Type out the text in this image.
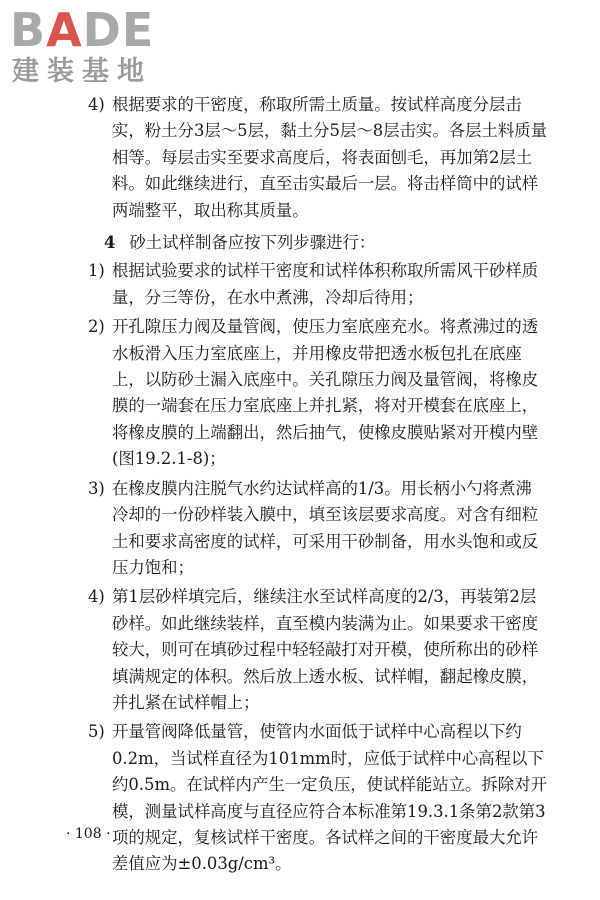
BADE
建装基地

4) 根据要求的干密度，称取所需土质量。按试样高度分层击实，粉土分3层～5层，黏土分5层～8层击实。各层土料质量相等。每层击实至要求高度后，将表面刨毛，再加第2层土料。如此继续进行，直至击实最后一层。将击样筒中的试样两端整平，取出称其质量。

4 砂土试样制备应按下列步骤进行：

1) 根据试验要求的试样干密度和试样体积称取所需风干砂样质量，分三等份，在水中煮沸，冷却后待用；

2) 开孔隙压力阀及量管阀，使压力室底座充水。将煮沸过的透水板滑入压力室底座上，并用橡皮带把透水板包扎在底座上，以防砂土漏入底座中。关孔隙压力阀及量管阀，将橡皮膜的一端套在压力室底座上并扎紧，将对开模套在底座上，将橡皮膜的上端翻出，然后抽气，使橡皮膜贴紧对开模内壁(图19.2.1-8)；

3) 在橡皮膜内注脱气水约达试样高的1/3。用长柄小勺将煮沸冷却的一份砂样装入膜中，填至该层要求高度。对含有细粒土和要求高密度的试样，可采用干砂制备，用水头饱和或反压力饱和；

4) 第1层砂样填完后，继续注水至试样高度的2/3，再装第2层砂样。如此继续装样，直至模内装满为止。如果要求干密度较大，则可在填砂过程中轻轻敲打对开模，使所称出的砂样填满规定的体积。然后放上透水板、试样帽，翻起橡皮膜，并扎紧在试样帽上；

5) 开量管阀降低量管，使管内水面低于试样中心高程以下约0.2m，当试样直径为101mm时，应低于试样中心高程以下约0.5m。在试样内产生一定负压，使试样能站立。拆除对开模，测量试样高度与直径应符合本标准第19.3.1条第2款第3项的规定，复核试样干密度。各试样之间的干密度最大允许差值应为±0.03g/cm³。

· 108 ·
